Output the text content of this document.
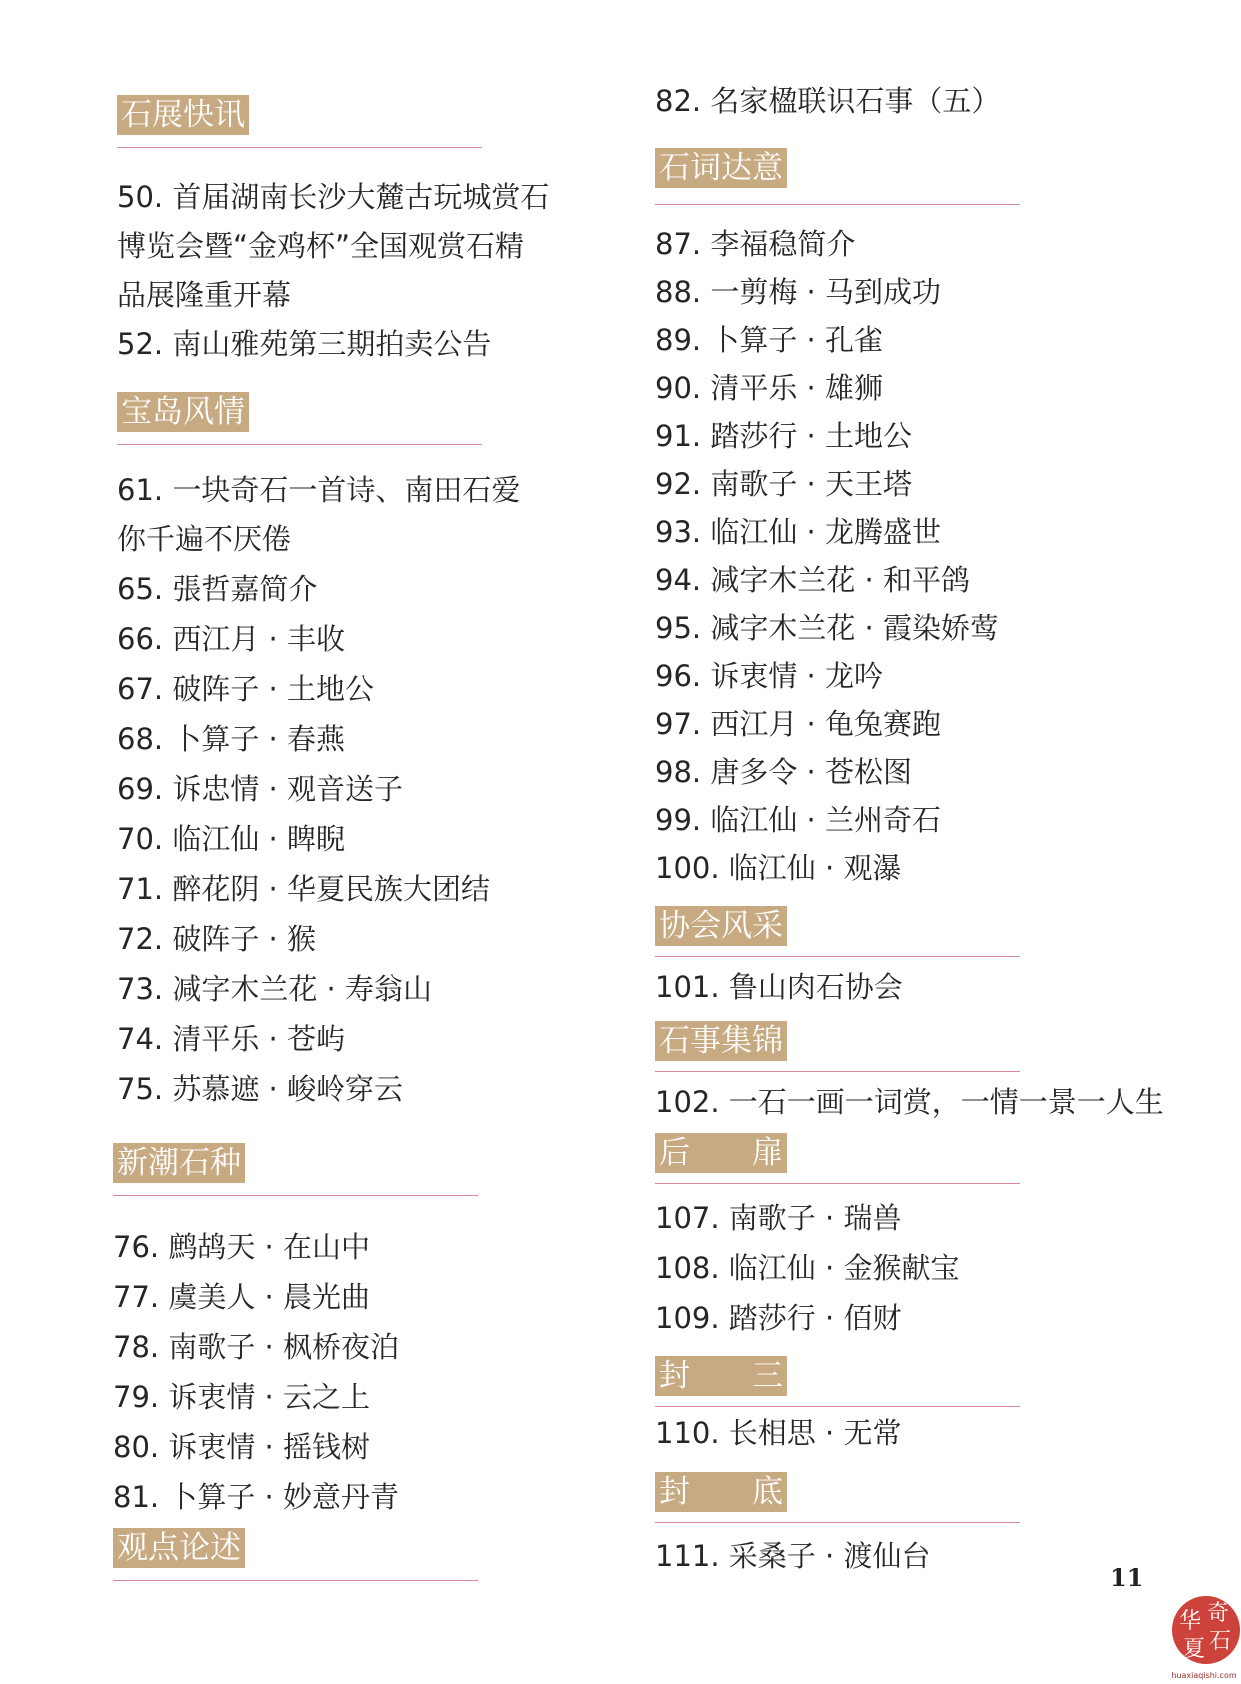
石展快讯
50. 首届湖南长沙大麓古玩城赏石
博览会暨“金鸡杯”全国观赏石精
品展隆重开幕
52. 南山雅苑第三期拍卖公告
宝岛风情
61. 一块奇石一首诗、南田石爱
你千遍不厌倦
65. 張哲嘉简介
66. 西江月 · 丰收
67. 破阵子 · 土地公
68. 卜算子 · 春燕
69. 诉忠情 · 观音送子
70. 临江仙 · 睥睨
71. 醉花阴 · 华夏民族大团结
72. 破阵子 · 猴
73. 减字木兰花 · 寿翁山
74. 清平乐 · 苍屿
75. 苏慕遮 · 峻岭穿云
新潮石种
76. 鹧鸪天 · 在山中
77. 虞美人 · 晨光曲
78. 南歌子 · 枫桥夜泊
79. 诉衷情 · 云之上
80. 诉衷情 · 摇钱树
81. 卜算子 · 妙意丹青
观点论述
82. 名家楹联识石事（五）
石词达意
87. 李福稳简介
88. 一剪梅 · 马到成功
89. 卜算子 · 孔雀
90. 清平乐 · 雄狮
91. 踏莎行 · 土地公
92. 南歌子 · 天王塔
93. 临江仙 · 龙腾盛世
94. 减字木兰花 · 和平鸽
95. 减字木兰花 · 霞染娇莺
96. 诉衷情 · 龙吟
97. 西江月 · 龟兔赛跑
98. 唐多令 · 苍松图
99. 临江仙 · 兰州奇石
100. 临江仙 · 观瀑
协会风采
101. 鲁山肉石协会
石事集锦
102. 一石一画一词赏，一情一景一人生
后　　扉
107. 南歌子 · 瑞兽
108. 临江仙 · 金猴献宝
109. 踏莎行 · 佰财
封　　三
110. 长相思 · 无常
封　　底
111. 采桑子 · 渡仙台
11
华 奇
夏 石
huaxiaqishi.com
